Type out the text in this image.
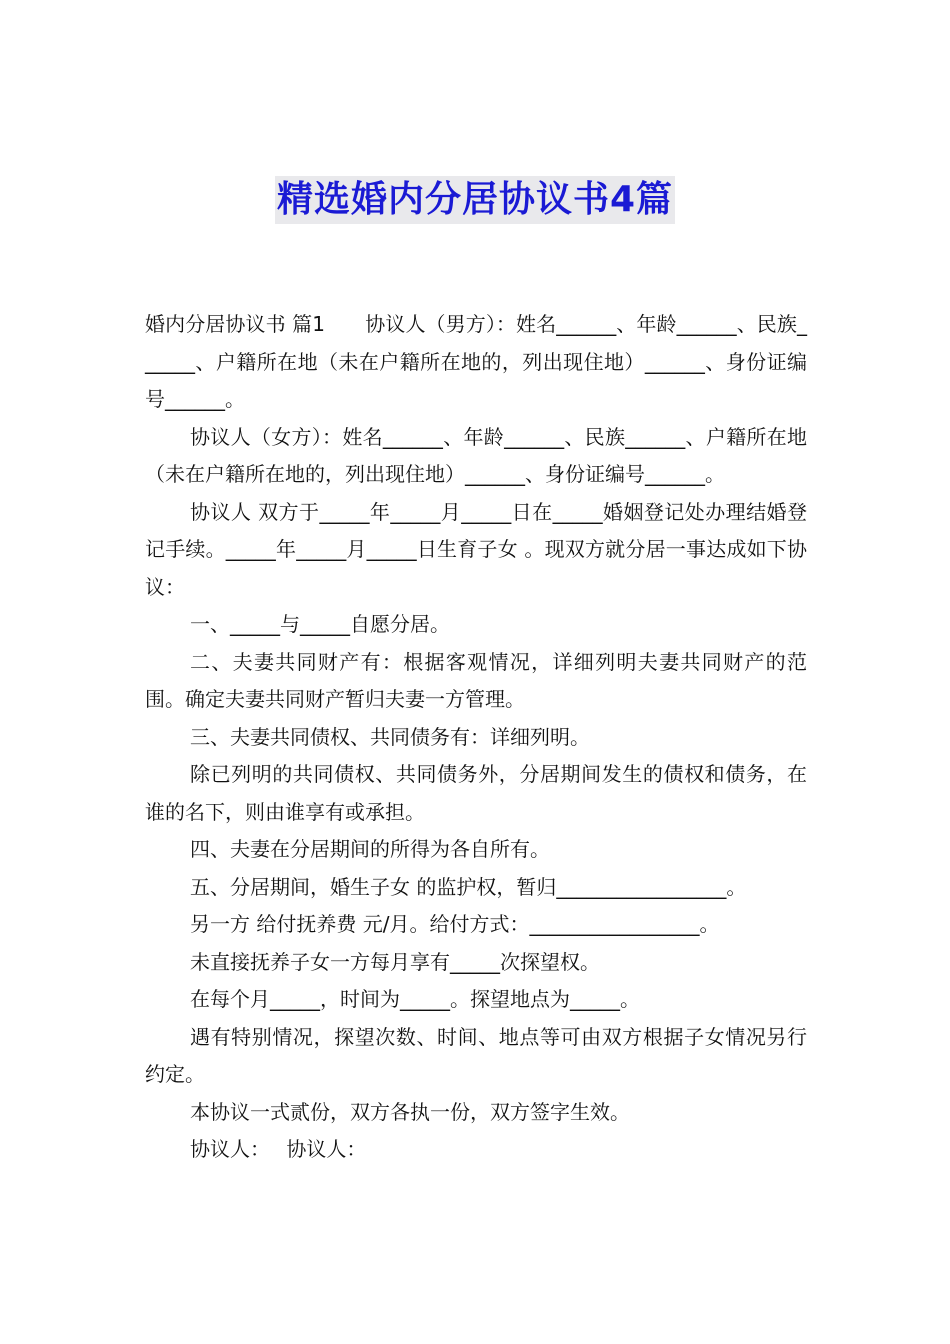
精选婚内分居协议书4篇

婚内分居协议书 篇1　　协议人（男方）：姓名______、年龄______、民族______、户籍所在地（未在户籍所在地的，列出现住地）______、身份证编号______。

协议人（女方）：姓名______、年龄______、民族______、户籍所在地（未在户籍所在地的，列出现住地）______、身份证编号______。

协议人 双方于_____年_____月_____日在_____婚姻登记处办理结婚登记手续。_____年_____月_____日生育子女 。现双方就分居一事达成如下协议：

一、_____与_____自愿分居。

二、夫妻共同财产有：根据客观情况，详细列明夫妻共同财产的范围。确定夫妻共同财产暂归夫妻一方管理。

三、夫妻共同债权、共同债务有：详细列明。

除已列明的共同债权、共同债务外，分居期间发生的债权和债务，在谁的名下，则由谁享有或承担。

四、夫妻在分居期间的所得为各自所有。

五、分居期间，婚生子女 的监护权，暂归_________________。

另一方 给付抚养费 元/月。给付方式：_________________。

未直接抚养子女一方每月享有_____次探望权。

在每个月_____，时间为_____。探望地点为_____。

遇有特别情况，探望次数、时间、地点等可由双方根据子女情况另行约定。

本协议一式贰份，双方各执一份，双方签字生效。

协议人：　 协议人：
